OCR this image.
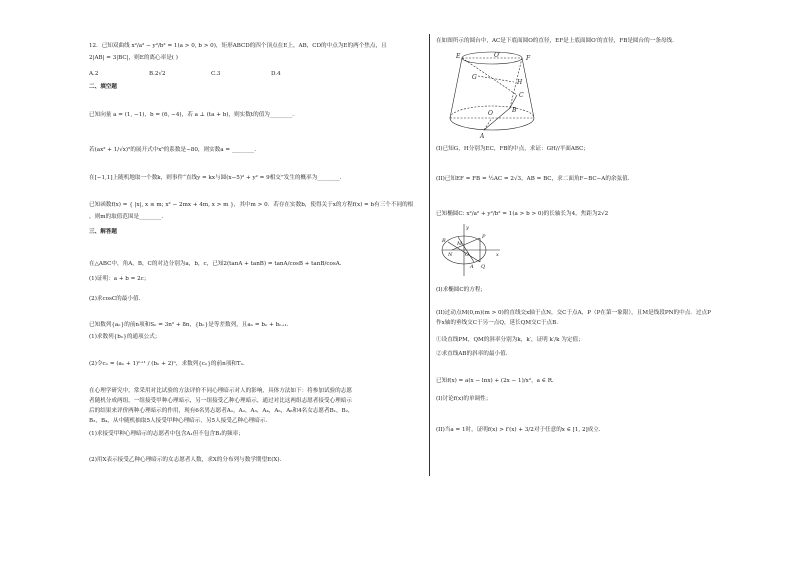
12．已知双曲线 x²/a² − y²/b² = 1(a > 0, b > 0)，矩形ABCD的四个顶点在E上，AB，CD的中点为E的两个焦点，且
2|AB| = 3|BC|，则E的离心率是( )
A.2	B.2√2	C.3	D.4
二、填空题
已知向量 a = (1, −1)，b = (6, −4)，若 a ⊥ (ta + b)，则实数t的值为________.
若(ax² + 1/√x)⁵的展开式中x⁵的系数是−80，则实数a = ________.
在[−1,1]上随机地取一个数k，则事件“直线y = kx与圆(x−5)² + y² = 9相交”发生的概率为________.
已知函数f(x) = { |x|, x ≤ m; x² − 2mx + 4m, x > m }，其中m > 0．若存在实数b，使得关于x的方程f(x) = b有三个不同的根
，则m的取值范围是________.
三、解答题
在△ABC中，角A，B，C的对边分别为a，b，c，已知2(tanA + tanB) = tanA/cosB + tanB/cosA.
(1)证明：a + b = 2c；
(2)求cosC的最小值.
已知数列{aₙ}的前n项和Sₙ = 3n² + 8n，{bₙ}是等差数列，且aₙ = bₙ + bₙ₊₁.
(1)求数列{bₙ}的通项公式；
(2)令cₙ = (aₙ + 1)ⁿ⁺¹ / (bₙ + 2)ⁿ，求数列{cₙ}的前n项和Tₙ.
在心理学研究中，常采用对比试验的方法评价不同心理暗示对人的影响，具体方法如下：将参加试验的志愿
者随机分成两组，一组接受甲种心理暗示，另一组接受乙种心理暗示，通过对比这两组志愿者接受心理暗示
后的结果来评价两种心理暗示的作用，现有6名男志愿者A₁，A₂，A₃，A₄，A₅，A₆和4名女志愿者B₁，B₂，
B₃，B₄，从中随机抽取5人接受甲种心理暗示，另5人接受乙种心理暗示.
(1)求接受甲种心理暗示的志愿者中包含A₁但不包含B₁的频率；
(2)用X表示接受乙种心理暗示的女志愿者人数，求X的分布列与数学期望E(X).
在如图所示的圆台中，AC是下底面圆O的直径，EF是上底面圆O′的直径，FB是圆台的一条母线.
E	O′	F
G
H
C
O	B
A
(I)已知G，H分别为EC，FB的中点，求证：GH//平面ABC；
(II)已知EF = FB = ½AC = 2√3，AB = BC，求二面角F−BC−A的余弦值.
已知椭圆C: x²/a² + y²/b² = 1(a > b > 0)的长轴长为4，焦距为2√2
y
M
P
B
N	O	x
A Q
(I)求椭圆C的方程；
(II)过动点M(0,m)(m > 0)的直线交x轴于点N，交C于点A，P（P在第一象限），且M是线段PN的中点．过点P
作x轴的垂线交C于另一点Q，延长QM交C于点B.
①设直线PM，QM的斜率分别为k，k′，证明 k′/k 为定值；
②求直线AB的斜率的最小值.
已知f(x) = a(x − lnx) + (2x − 1)/x²，a ∈ R.
(I)讨论f(x)的单调性；
(II)当a = 1时，证明f(x) > f′(x) + 3/2对于任意的x ∈ [1, 2]成立.
